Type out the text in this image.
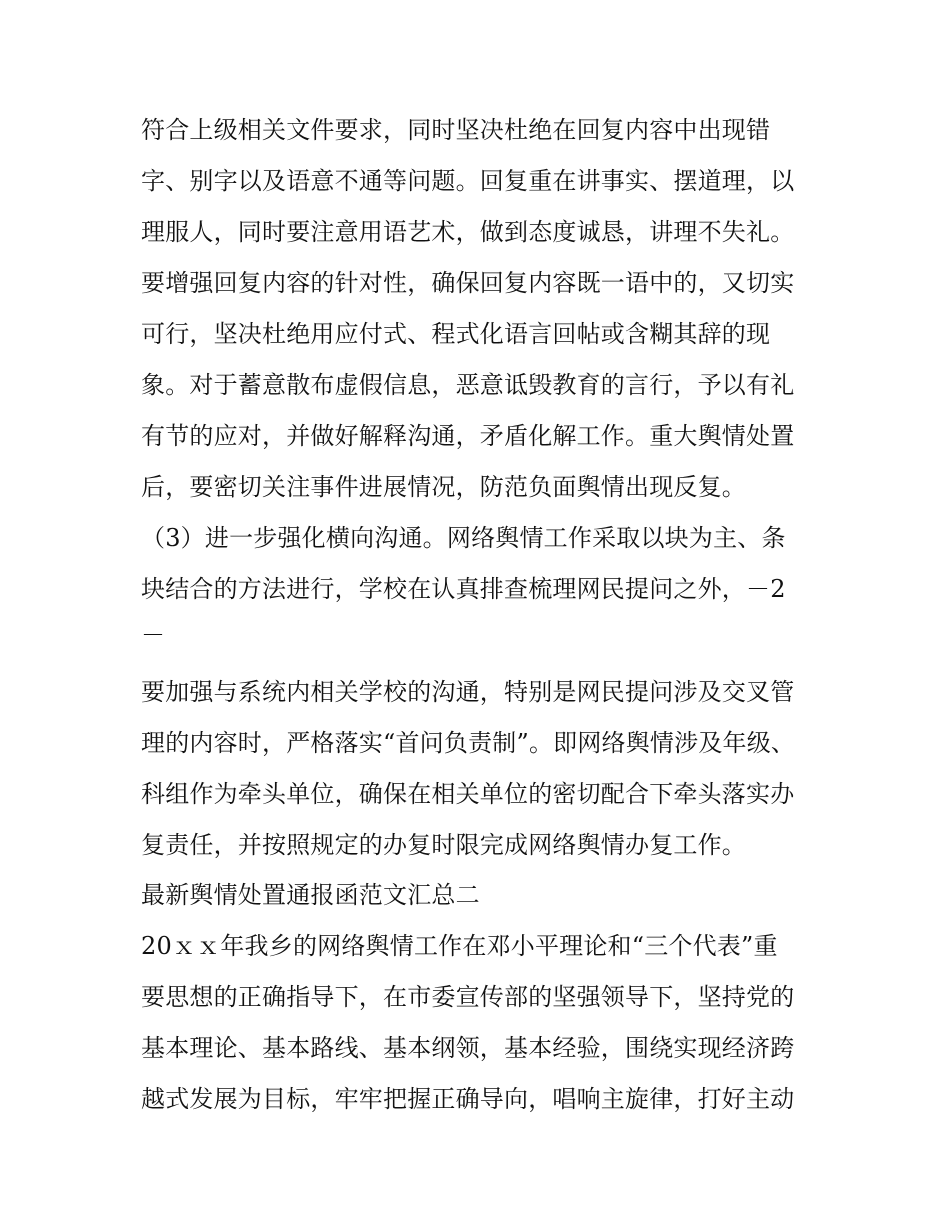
符合上级相关文件要求，同时坚决杜绝在回复内容中出现错
字、别字以及语意不通等问题。回复重在讲事实、摆道理，以
理服人，同时要注意用语艺术，做到态度诚恳，讲理不失礼。
要增强回复内容的针对性，确保回复内容既一语中的，又切实
可行，坚决杜绝用应付式、程式化语言回帖或含糊其辞的现
象。对于蓄意散布虚假信息，恶意诋毁教育的言行，予以有礼
有节的应对，并做好解释沟通，矛盾化解工作。重大舆情处置
后，要密切关注事件进展情况，防范负面舆情出现反复。
（3）进一步强化横向沟通。网络舆情工作采取以块为主、条
块结合的方法进行，学校在认真排查梳理网民提问之外，－2
－
要加强与系统内相关学校的沟通，特别是网民提问涉及交叉管
理的内容时，严格落实“首问负责制”。即网络舆情涉及年级、
科组作为牵头单位，确保在相关单位的密切配合下牵头落实办
复责任，并按照规定的办复时限完成网络舆情办复工作。
最新舆情处置通报函范文汇总二
20ｘｘ年我乡的网络舆情工作在邓小平理论和“三个代表”重
要思想的正确指导下，在市委宣传部的坚强领导下，坚持党的
基本理论、基本路线、基本纲领，基本经验，围绕实现经济跨
越式发展为目标，牢牢把握正确导向，唱响主旋律，打好主动
